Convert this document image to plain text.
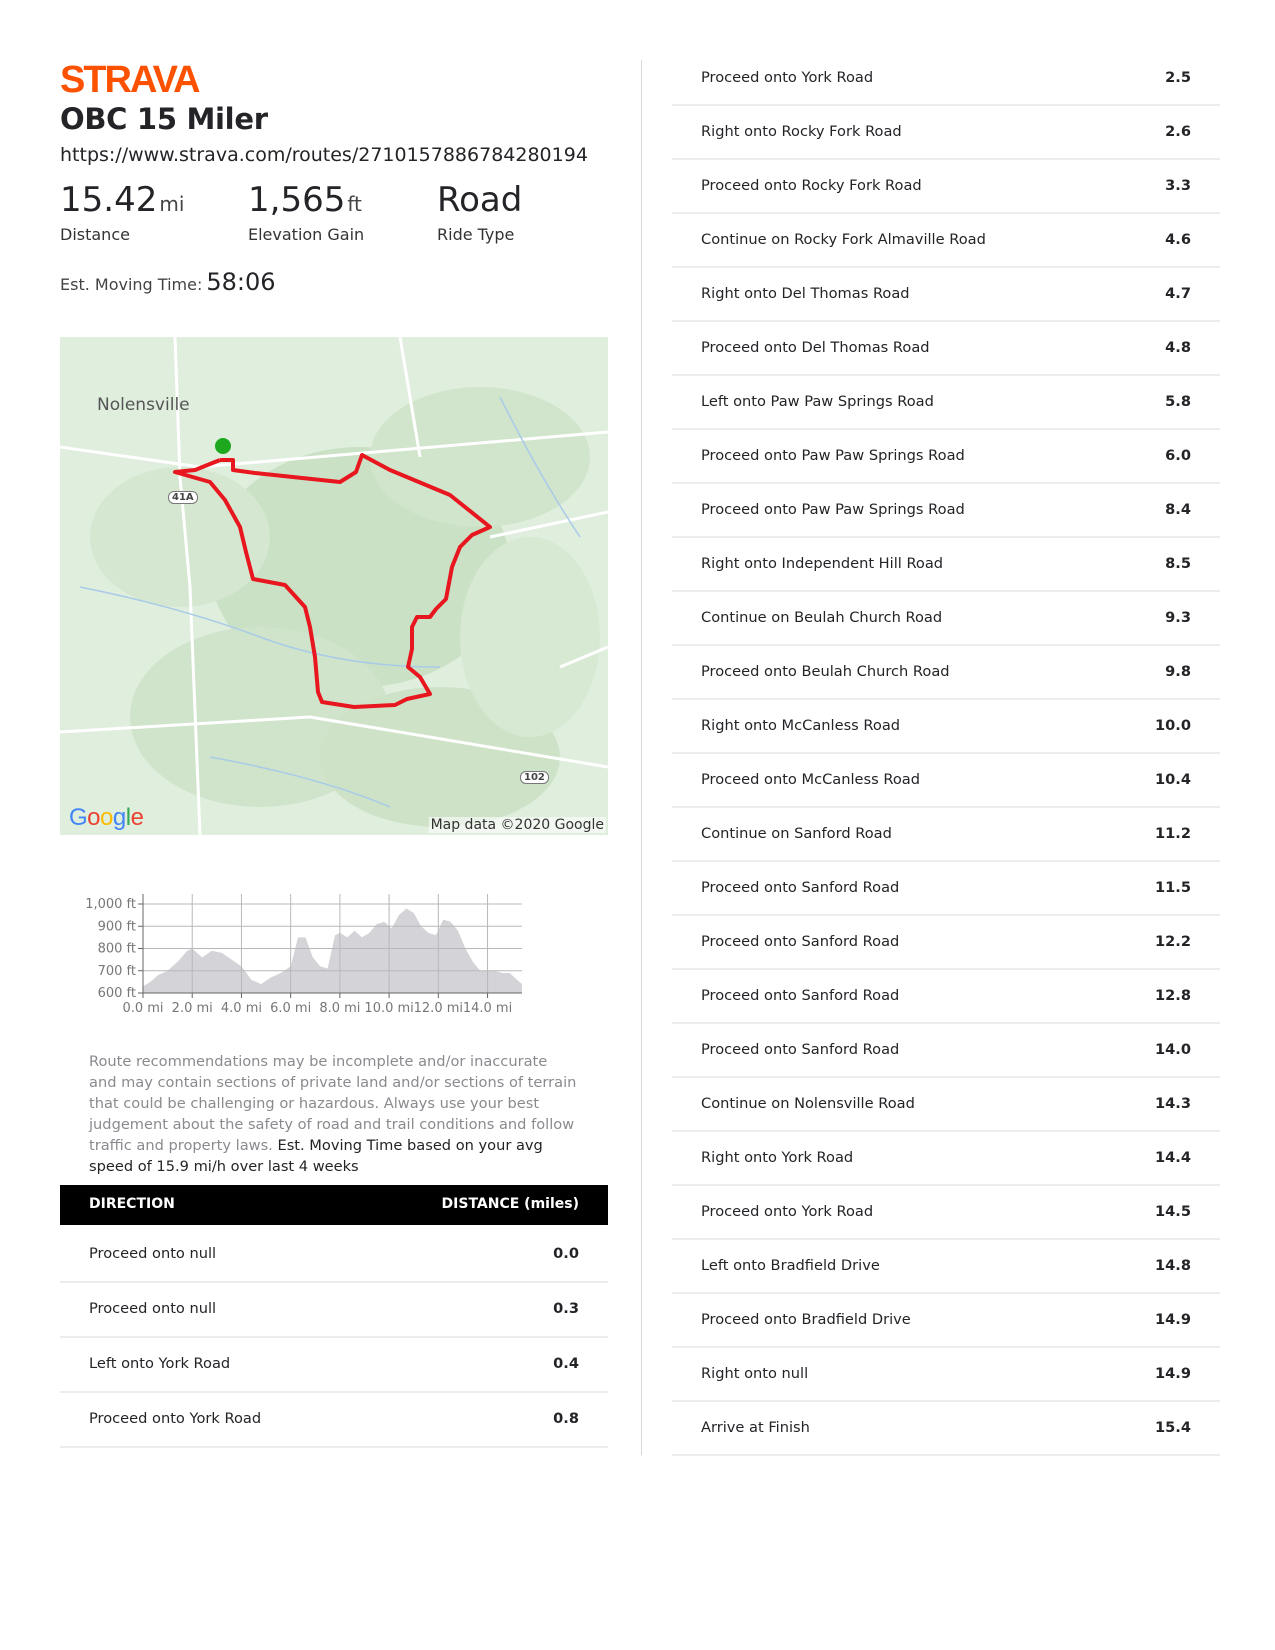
STRAVA
OBC 15 Miler
https://www.strava.com/routes/2710157886784280194
15.42 mi
Distance
1,565 ft
Elevation Gain
Road
Ride Type
Est. Moving Time: 58:06
Nolensville
41A
102
Google	Map data ©2020 Google
600 ft
700 ft
800 ft
900 ft
1,000 ft
0.0 mi 2.0 mi 4.0 mi 6.0 mi 8.0 mi 10.0 mi 12.0 mi 14.0 mi
Route recommendations may be incomplete and/or inaccurate and may contain sections of private land and/or sections of terrain that could be challenging or hazardous. Always use your best judgement about the safety of road and trail conditions and follow traffic and property laws. Est. Moving Time based on your avg speed of 15.9 mi/h over last 4 weeks
DIRECTION	DISTANCE (miles)
Proceed onto null	0.0
Proceed onto null	0.3
Left onto York Road	0.4
Proceed onto York Road	0.8
Proceed onto York Road	2.5
Right onto Rocky Fork Road	2.6
Proceed onto Rocky Fork Road	3.3
Continue on Rocky Fork Almaville Road	4.6
Right onto Del Thomas Road	4.7
Proceed onto Del Thomas Road	4.8
Left onto Paw Paw Springs Road	5.8
Proceed onto Paw Paw Springs Road	6.0
Proceed onto Paw Paw Springs Road	8.4
Right onto Independent Hill Road	8.5
Continue on Beulah Church Road	9.3
Proceed onto Beulah Church Road	9.8
Right onto McCanless Road	10.0
Proceed onto McCanless Road	10.4
Continue on Sanford Road	11.2
Proceed onto Sanford Road	11.5
Proceed onto Sanford Road	12.2
Proceed onto Sanford Road	12.8
Proceed onto Sanford Road	14.0
Continue on Nolensville Road	14.3
Right onto York Road	14.4
Proceed onto York Road	14.5
Left onto Bradfield Drive	14.8
Proceed onto Bradfield Drive	14.9
Right onto null	14.9
Arrive at Finish	15.4
